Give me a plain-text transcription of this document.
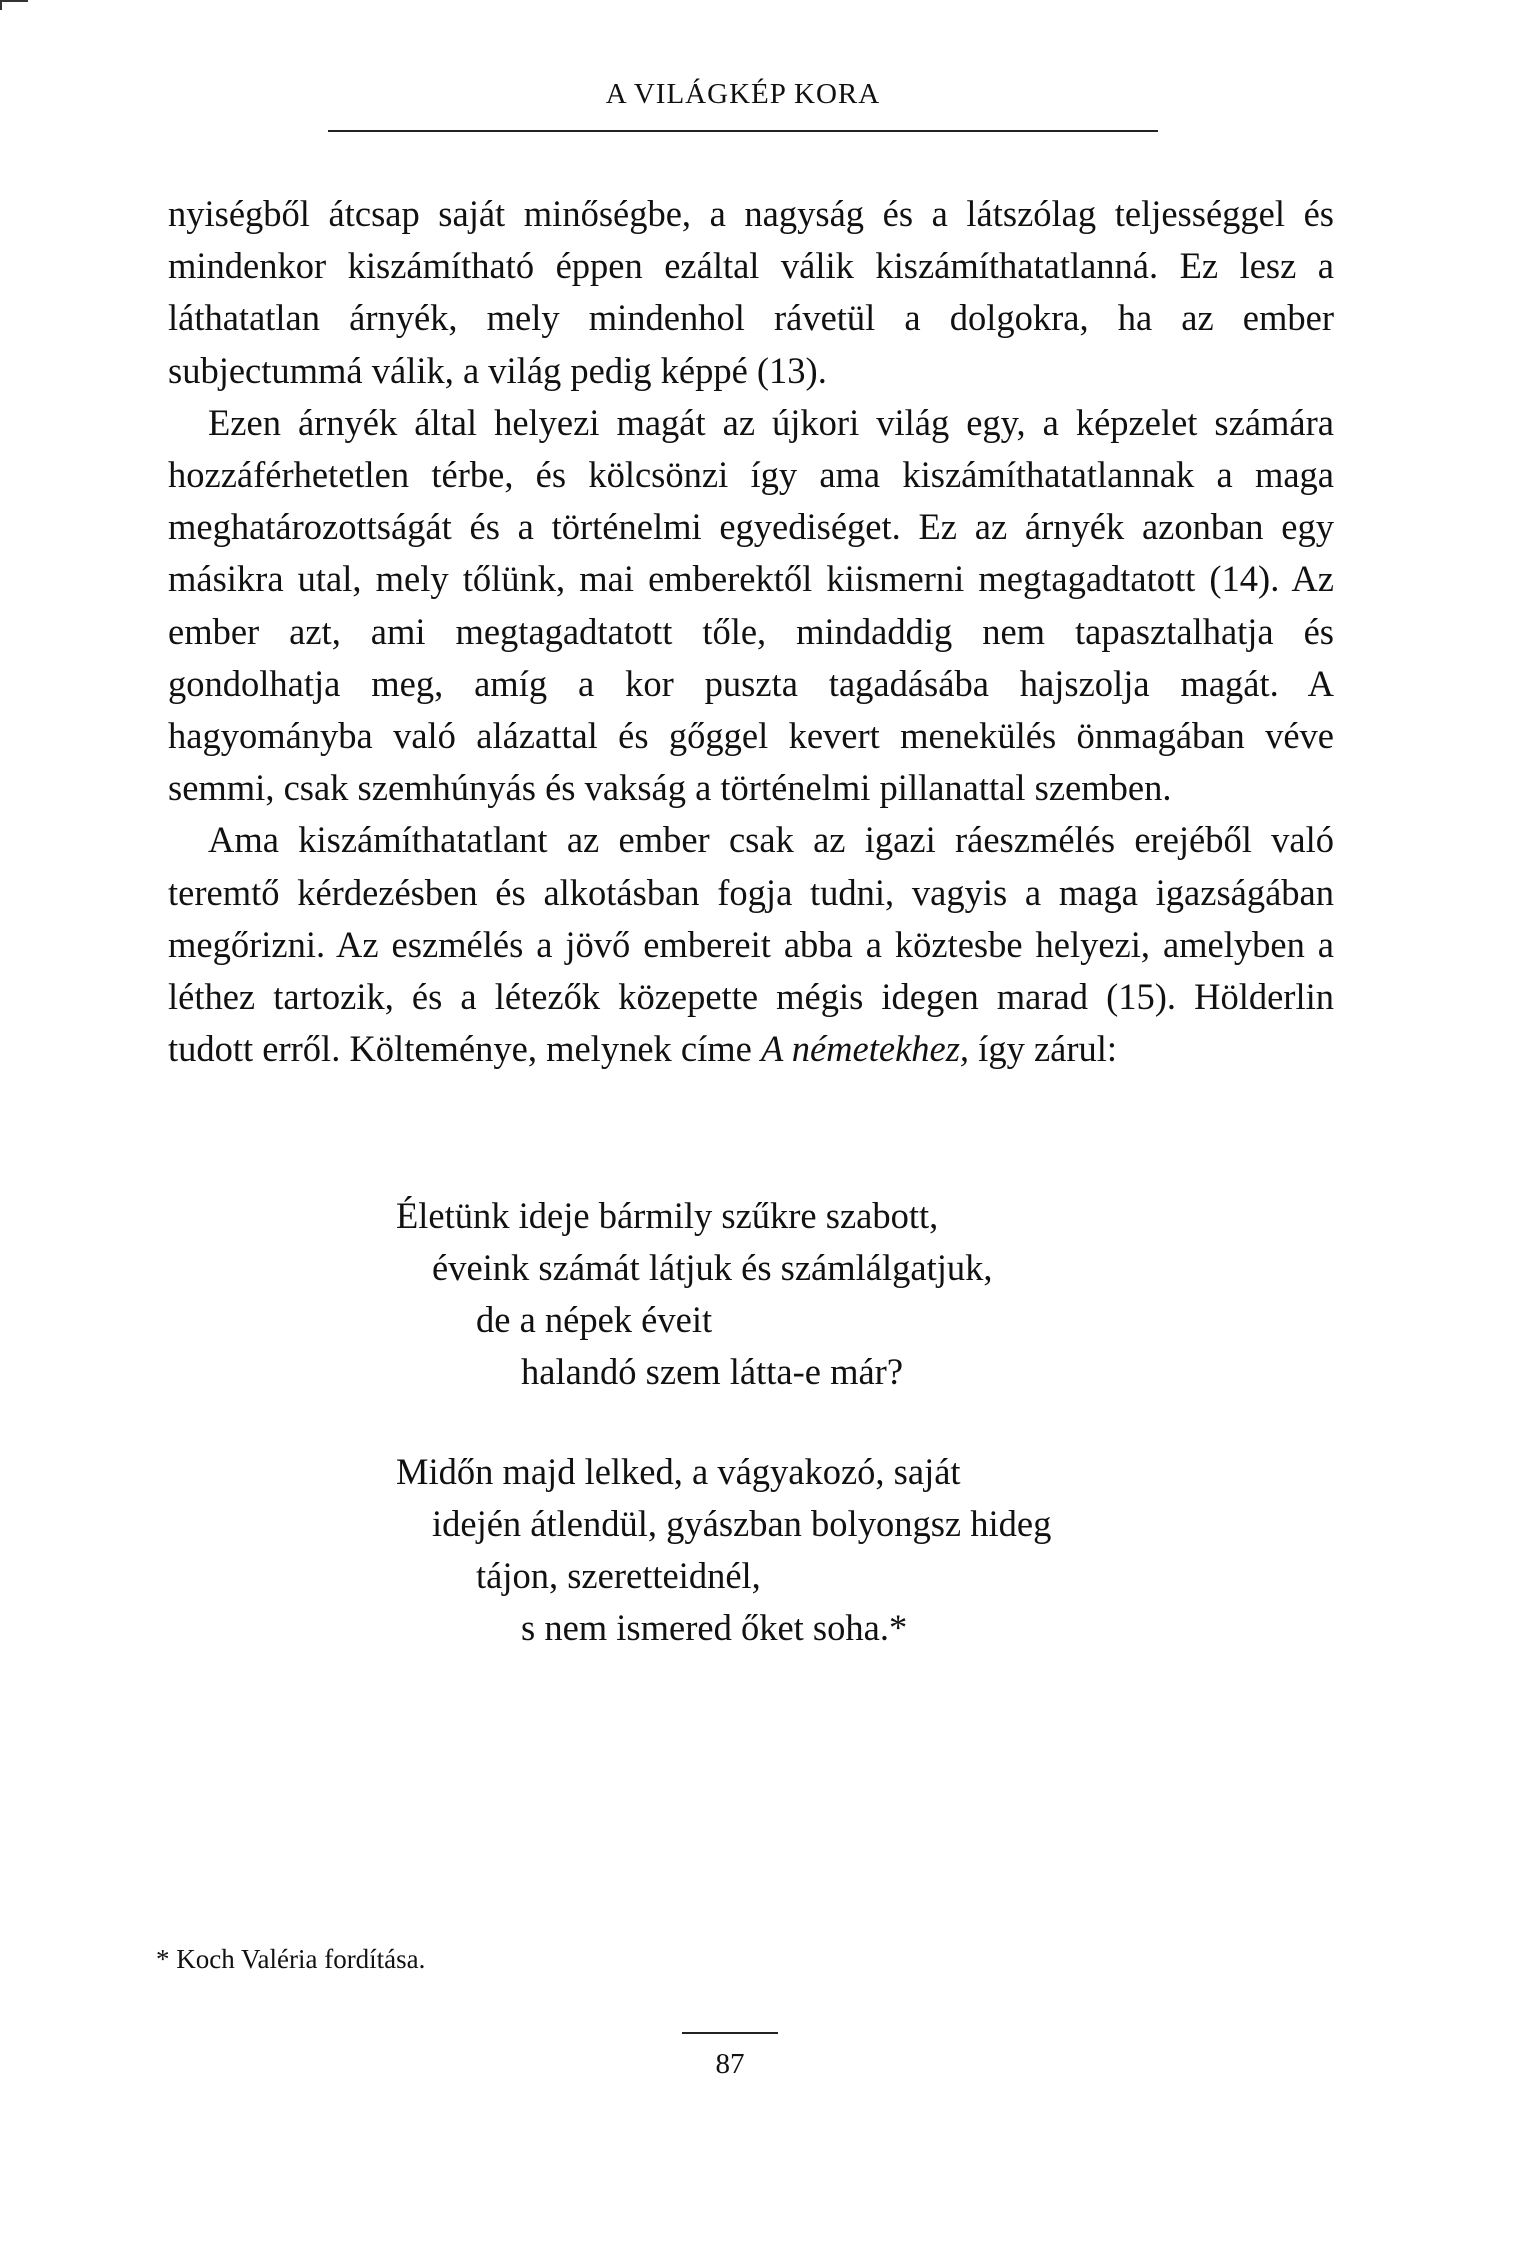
A VILÁGKÉP KORA

nyiségből átcsap saját minőségbe, a nagyság és a látszólag teljességgel és mindenkor kiszámítható éppen ezáltal válik kiszámíthatatlanná. Ez lesz a láthatatlan árnyék, mely mindenhol rávetül a dolgokra, ha az ember subjectummá válik, a világ pedig képpé (13).

Ezen árnyék által helyezi magát az újkori világ egy, a képzelet számára hozzáférhetetlen térbe, és kölcsönzi így ama kiszámíthatatlannak a maga meghatározottságát és a történelmi egyediséget. Ez az árnyék azonban egy másikra utal, mely tőlünk, mai emberektől kiismerni megtagadtatott (14). Az ember azt, ami megtagadtatott tőle, mindaddig nem tapasztalhatja és gondolhatja meg, amíg a kor puszta tagadásába hajszolja magát. A hagyományba való alázattal és gőggel kevert menekülés önmagában véve semmi, csak szemhúnyás és vakság a történelmi pillanattal szemben.

Ama kiszámíthatatlant az ember csak az igazi ráeszmélés erejéből való teremtő kérdezésben és alkotásban fogja tudni, vagyis a maga igazságában megőrizni. Az eszmélés a jövő embereit abba a köztesbe helyezi, amelyben a léthez tartozik, és a létezők közepette mégis idegen marad (15). Hölderlin tudott erről. Költeménye, melynek címe A németekhez, így zárul:

Életünk ideje bármily szűkre szabott,
éveink számát látjuk és számlálgatjuk,
de a népek éveit
halandó szem látta-e már?
Midőn majd lelked, a vágyakozó, saját
idején átlendül, gyászban bolyongsz hideg
tájon, szeretteidnél,
s nem ismered őket soha.*
* Koch Valéria fordítása.
87
